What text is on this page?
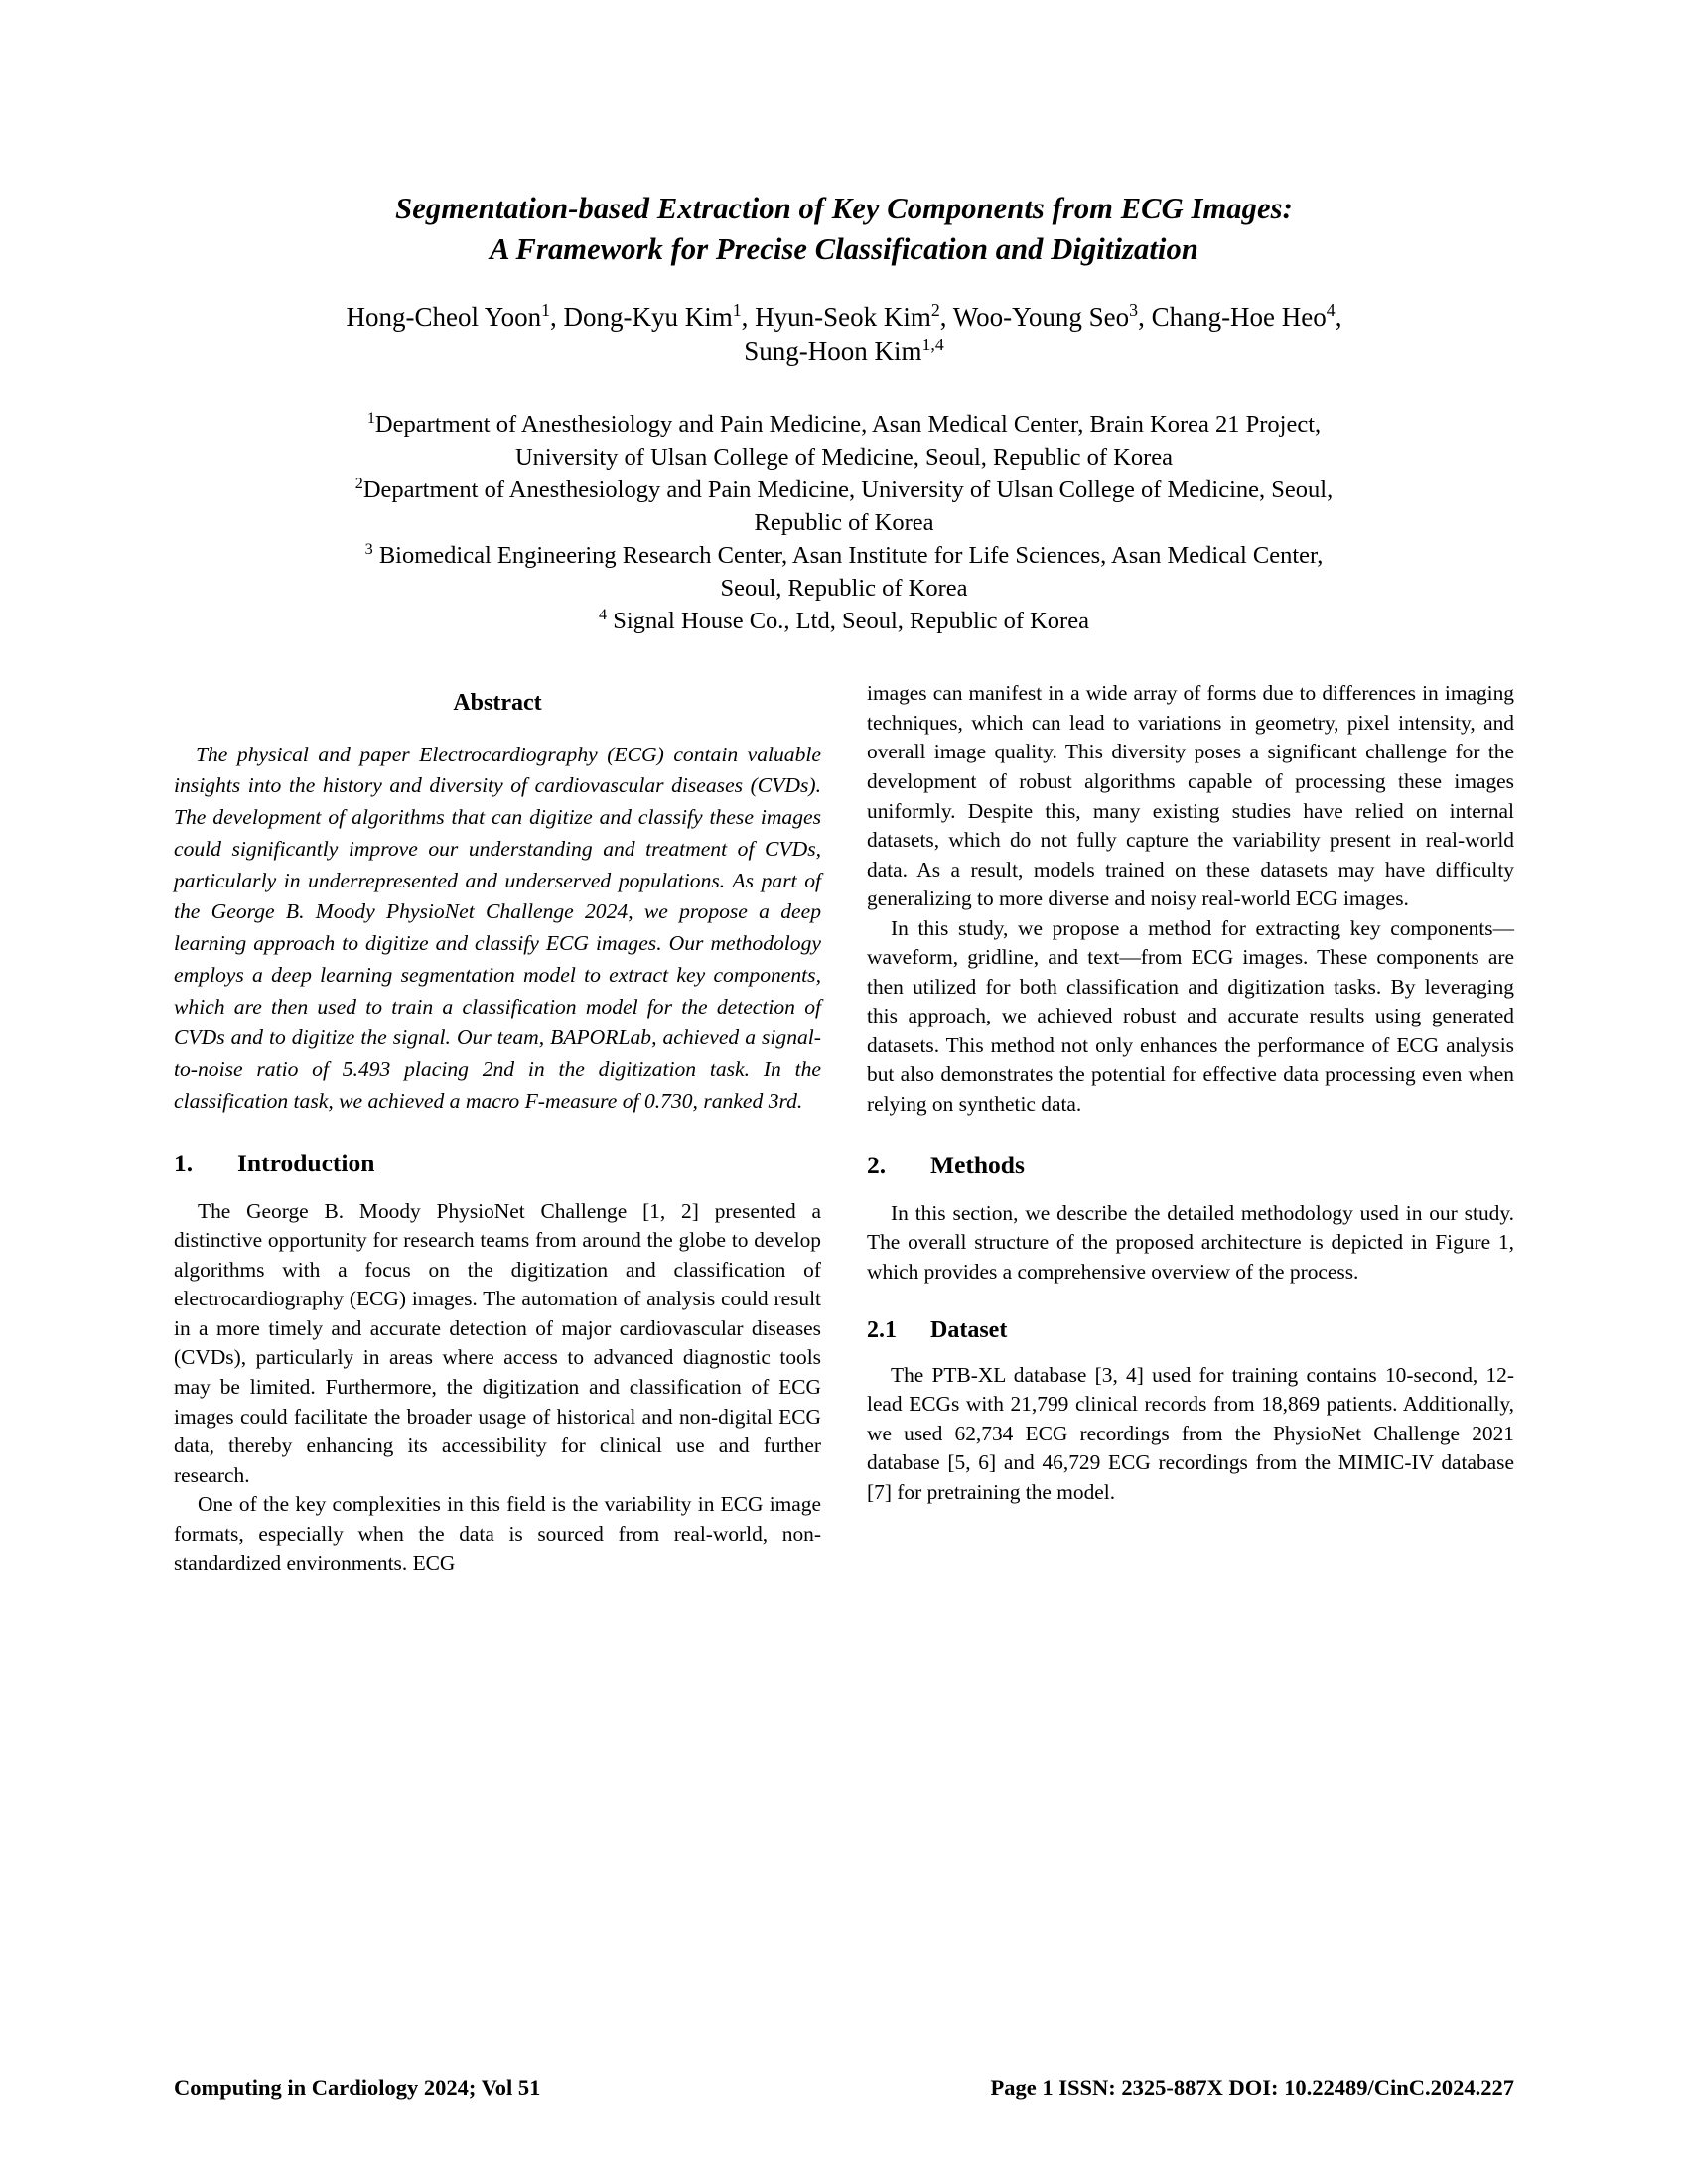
Segmentation-based Extraction of Key Components from ECG Images:
A Framework for Precise Classification and Digitization
Hong-Cheol Yoon$^1$, Dong-Kyu Kim$^1$, Hyun-Seok Kim$^2$, Woo-Young Seo$^3$, Chang-Hoe Heo$^4$,
Sung-Hoon Kim$^{1,4}$
$^1$Department of Anesthesiology and Pain Medicine, Asan Medical Center, Brain Korea 21 Project,
University of Ulsan College of Medicine, Seoul, Republic of Korea
$^2$Department of Anesthesiology and Pain Medicine, University of Ulsan College of Medicine, Seoul,
Republic of Korea
$^3$ Biomedical Engineering Research Center, Asan Institute for Life Sciences, Asan Medical Center,
Seoul, Republic of Korea
$^4$ Signal House Co., Ltd, Seoul, Republic of Korea
Abstract

The physical and paper Electrocardiography (ECG) contain valuable insights into the history and diversity of cardiovascular diseases (CVDs). The development of algorithms that can digitize and classify these images could significantly improve our understanding and treatment of CVDs, particularly in underrepresented and underserved populations. As part of the George B. Moody PhysioNet Challenge 2024, we propose a deep learning approach to digitize and classify ECG images. Our methodology employs a deep learning segmentation model to extract key components, which are then used to train a classification model for the detection of CVDs and to digitize the signal. Our team, BAPORLab, achieved a signal-to-noise ratio of 5.493 placing 2nd in the digitization task. In the classification task, we achieved a macro F-measure of 0.730, ranked 3rd.

1.	Introduction

The George B. Moody PhysioNet Challenge [1, 2] presented a distinctive opportunity for research teams from around the globe to develop algorithms with a focus on the digitization and classification of electrocardiography (ECG) images. The automation of analysis could result in a more timely and accurate detection of major cardiovascular diseases (CVDs), particularly in areas where access to advanced diagnostic tools may be limited. Furthermore, the digitization and classification of ECG images could facilitate the broader usage of historical and non-digital ECG data, thereby enhancing its accessibility for clinical use and further research.

One of the key complexities in this field is the variability in ECG image formats, especially when the data is sourced from real-world, non-standardized environments. ECG

images can manifest in a wide array of forms due to differences in imaging techniques, which can lead to variations in geometry, pixel intensity, and overall image quality. This diversity poses a significant challenge for the development of robust algorithms capable of processing these images uniformly. Despite this, many existing studies have relied on internal datasets, which do not fully capture the variability present in real-world data. As a result, models trained on these datasets may have difficulty generalizing to more diverse and noisy real-world ECG images.

In this study, we propose a method for extracting key components—waveform, gridline, and text—from ECG images. These components are then utilized for both classification and digitization tasks. By leveraging this approach, we achieved robust and accurate results using generated datasets. This method not only enhances the performance of ECG analysis but also demonstrates the potential for effective data processing even when relying on synthetic data.

2.	Methods

In this section, we describe the detailed methodology used in our study. The overall structure of the proposed architecture is depicted in Figure 1, which provides a comprehensive overview of the process.

2.1	Dataset

The PTB-XL database [3, 4] used for training contains 10-second, 12-lead ECGs with 21,799 clinical records from 18,869 patients. Additionally, we used 62,734 ECG recordings from the PhysioNet Challenge 2021 database [5, 6] and 46,729 ECG recordings from the MIMIC-IV database [7] for pretraining the model.

Computing in Cardiology 2024; Vol 51	Page 1 ISSN: 2325-887X DOI: 10.22489/CinC.2024.227
